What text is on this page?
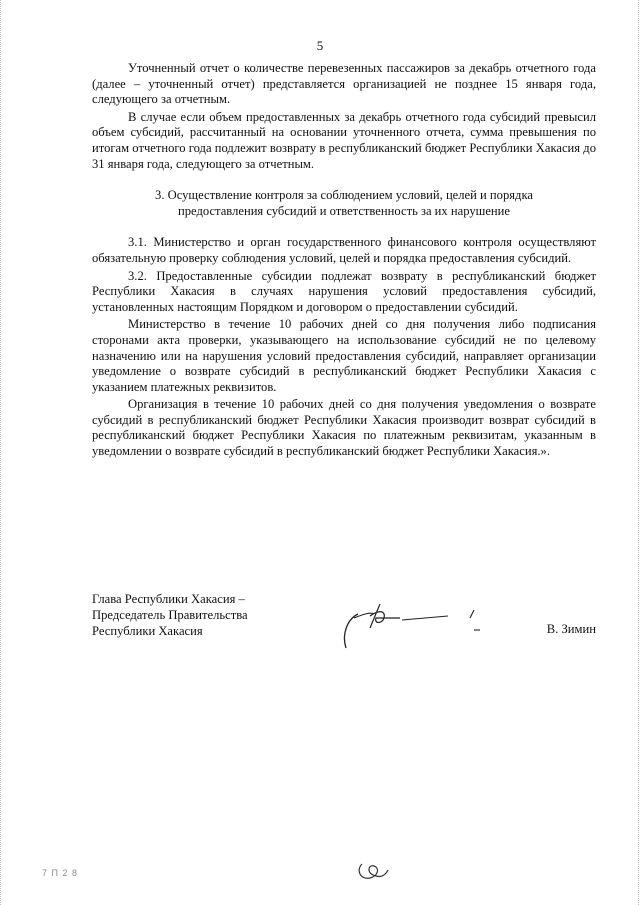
5

Уточненный отчет о количестве перевезенных пассажиров за декабрь отчетного года (далее – уточненный отчет) представляется организацией не позднее 15 января года, следующего за отчетным.

В случае если объем предоставленных за декабрь отчетного года субсидий превысил объем субсидий, рассчитанный на основании уточненного отчета, сумма превышения по итогам отчетного года подлежит возврату в республиканский бюджет Республики Хакасия до 31 января года, следующего за отчетным.

3. Осуществление контроля за соблюдением условий, целей и порядка предоставления субсидий и ответственность за их нарушение

3.1. Министерство и орган государственного финансового контроля осуществляют обязательную проверку соблюдения условий, целей и порядка предоставления субсидий.

3.2. Предоставленные субсидии подлежат возврату в республиканский бюджет Республики Хакасия в случаях нарушения условий предоставления субсидий, установленных настоящим Порядком и договором о предоставлении субсидий.

Министерство в течение 10 рабочих дней со дня получения либо подписания сторонами акта проверки, указывающего на использование субсидий не по целевому назначению или на нарушения условий предоставления субсидий, направляет организации уведомление о возврате субсидий в республиканский бюджет Республики Хакасия с указанием платежных реквизитов.

Организация в течение 10 рабочих дней со дня получения уведомления о возврате субсидий в республиканский бюджет Республики Хакасия производит возврат субсидий в республиканский бюджет Республики Хакасия по платежным реквизитам, указанным в уведомлении о возврате субсидий в республиканский бюджет Республики Хакасия.».

Глава Республики Хакасия –
Председатель Правительства
Республики Хакасия	В. Зимин
7 П 2 8
